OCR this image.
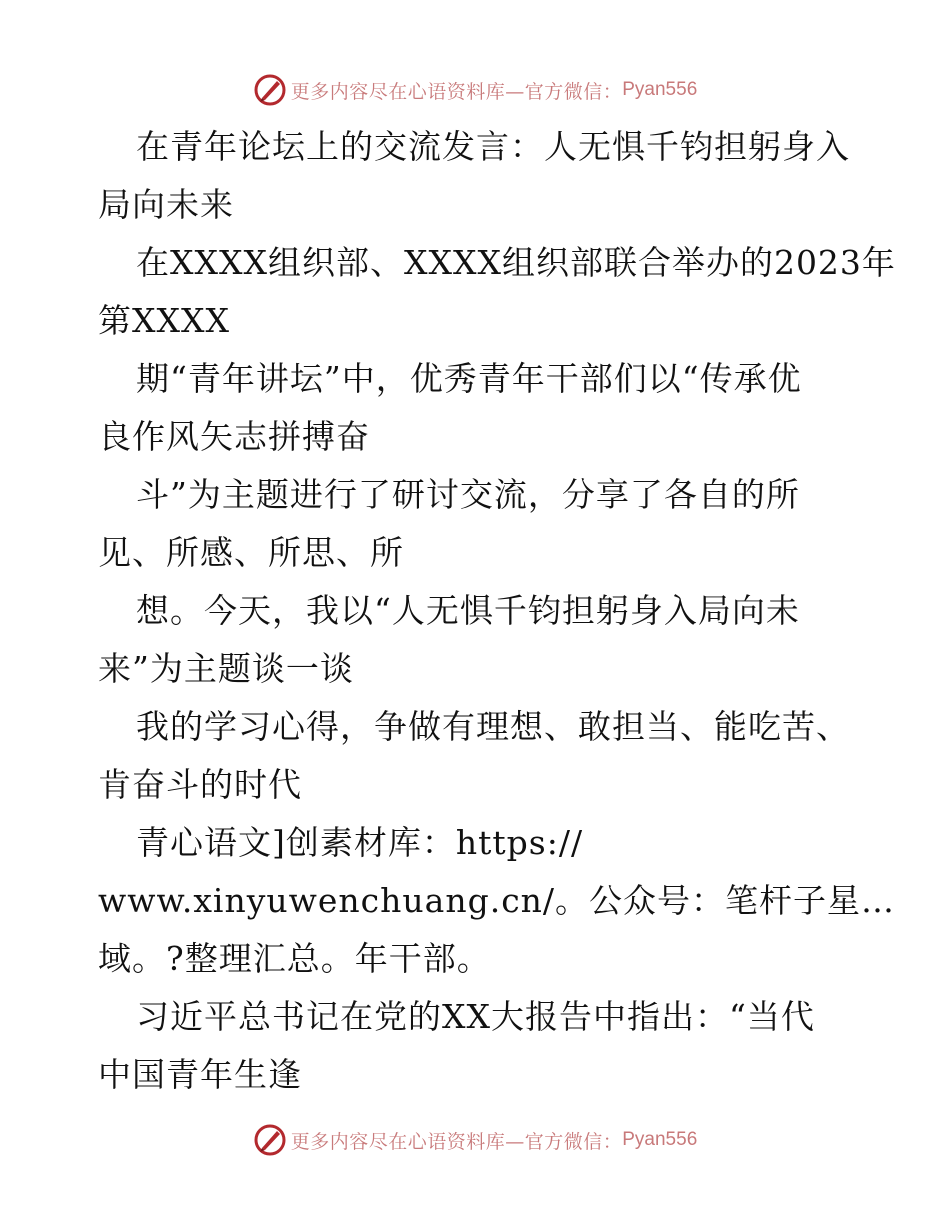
更多内容尽在心语资料库—官方微信： Pyan556

在青年论坛上的交流发言：人无惧千钧担躬身入
局向未来

在XXXX组织部、XXXX组织部联合举办的2023年
第XXXX

期“青年讲坛”中，优秀青年干部们以“传承优
良作风矢志拼搏奋

斗”为主题进行了研讨交流，分享了各自的所
见、所感、所思、所

想。今天，我以“人无惧千钧担躬身入局向未
来”为主题谈一谈

我的学习心得，争做有理想、敢担当、能吃苦、
肯奋斗的时代

青心语文]创素材库：https://
www.xinyuwenchuang.cn/。公众号：笔杆子星…
域。?整理汇总。年干部。

习近平总书记在党的XX大报告中指出：“当代
中国青年生逢

更多内容尽在心语资料库—官方微信： Pyan556
